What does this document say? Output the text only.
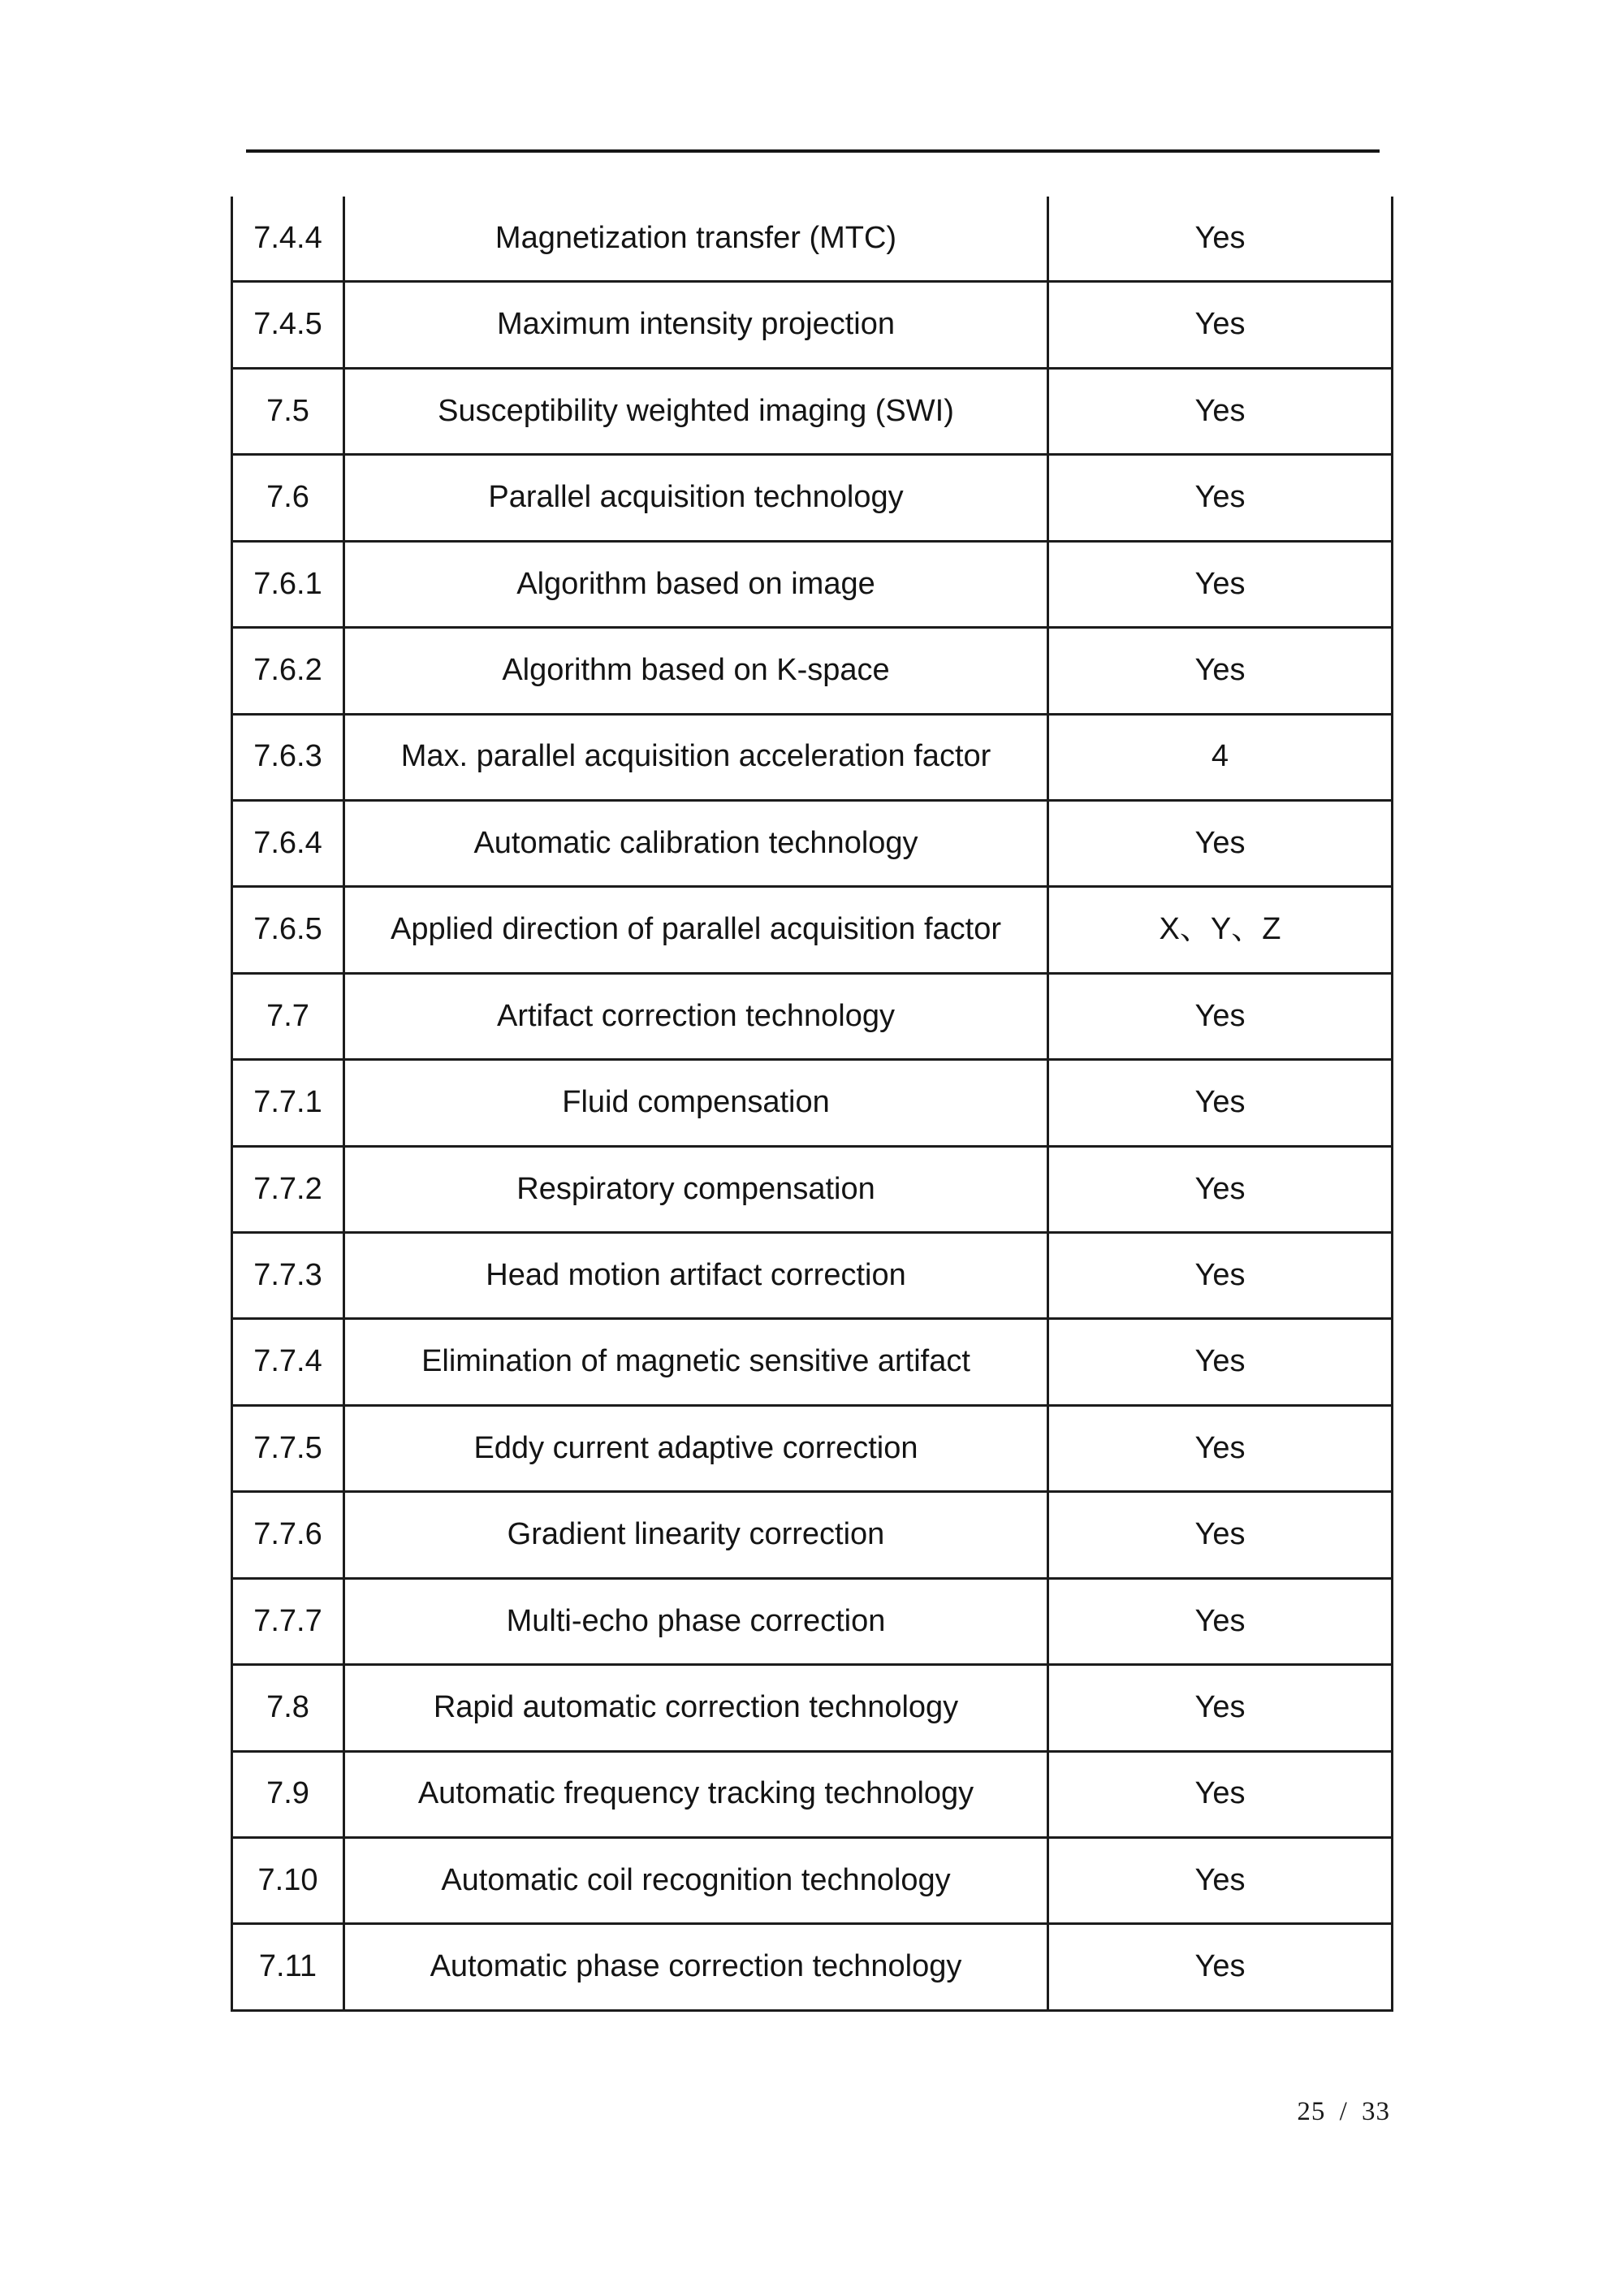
7.4.4	Magnetization transfer (MTC)	Yes
7.4.5	Maximum intensity projection	Yes
7.5	Susceptibility weighted imaging (SWI)	Yes
7.6	Parallel acquisition technology	Yes
7.6.1	Algorithm based on image	Yes
7.6.2	Algorithm based on K-space	Yes
7.6.3	Max. parallel acquisition acceleration factor	4
7.6.4	Automatic calibration technology	Yes
7.6.5	Applied direction of parallel acquisition factor	X、Y、Z
7.7	Artifact correction technology	Yes
7.7.1	Fluid compensation	Yes
7.7.2	Respiratory compensation	Yes
7.7.3	Head motion artifact correction	Yes
7.7.4	Elimination of magnetic sensitive artifact	Yes
7.7.5	Eddy current adaptive correction	Yes
7.7.6	Gradient linearity correction	Yes
7.7.7	Multi-echo phase correction	Yes
7.8	Rapid automatic correction technology	Yes
7.9	Automatic frequency tracking technology	Yes
7.10	Automatic coil recognition technology	Yes
7.11	Automatic phase correction technology	Yes
25 / 33
